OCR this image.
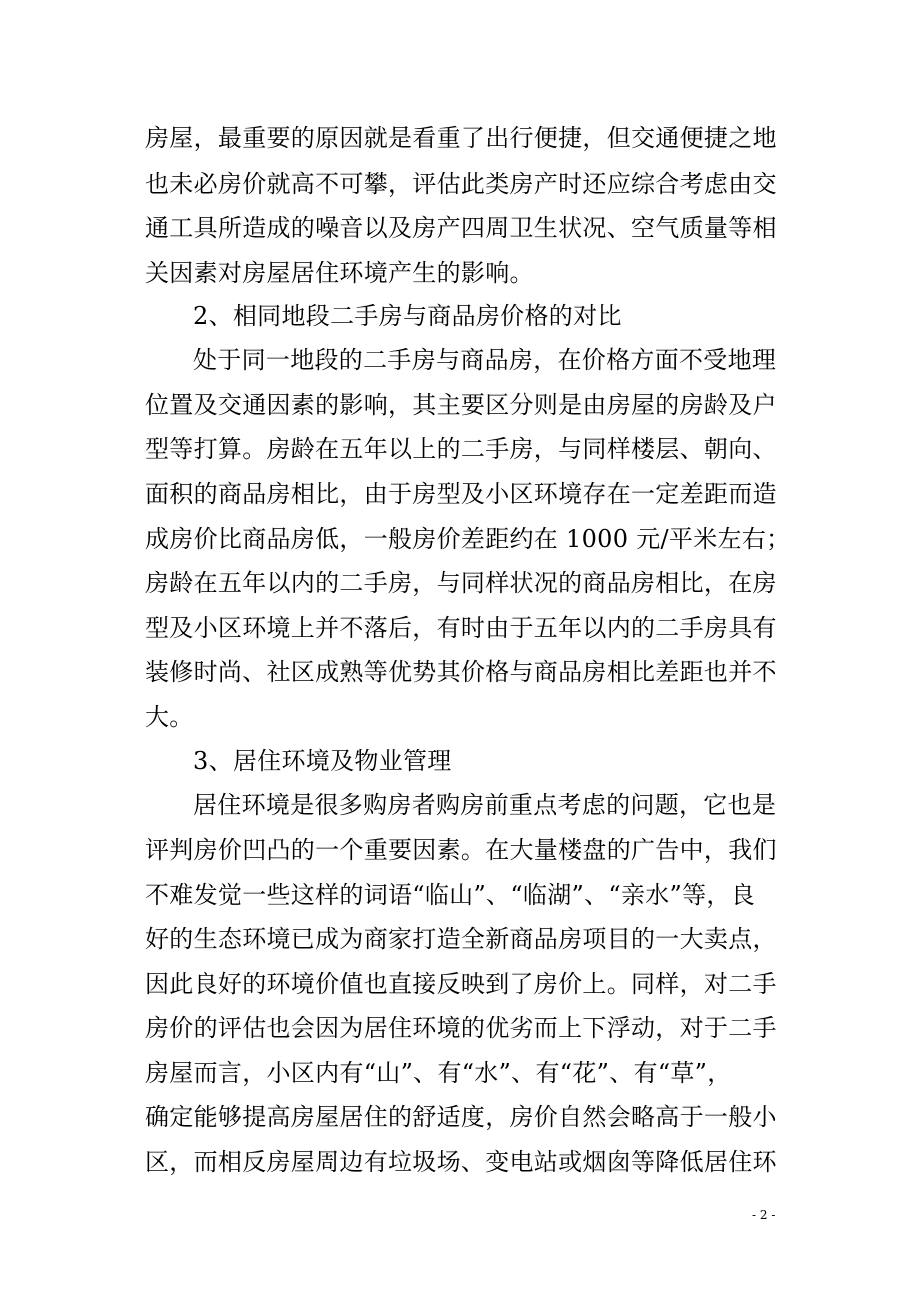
房屋，最重要的原因就是看重了出行便捷，但交通便捷之地
也未必房价就高不可攀，评估此类房产时还应综合考虑由交
通工具所造成的噪音以及房产四周卫生状况、空气质量等相
关因素对房屋居住环境产生的影响。
2、相同地段二手房与商品房价格的对比
处于同一地段的二手房与商品房，在价格方面不受地理
位置及交通因素的影响，其主要区分则是由房屋的房龄及户
型等打算。房龄在五年以上的二手房，与同样楼层、朝向、
面积的商品房相比，由于房型及小区环境存在一定差距而造
成房价比商品房低，一般房价差距约在 1000 元/平米左右；
房龄在五年以内的二手房，与同样状况的商品房相比，在房
型及小区环境上并不落后，有时由于五年以内的二手房具有
装修时尚、社区成熟等优势其价格与商品房相比差距也并不
大。
3、居住环境及物业管理
居住环境是很多购房者购房前重点考虑的问题，它也是
评判房价凹凸的一个重要因素。在大量楼盘的广告中，我们
不难发觉一些这样的词语“临山”、“临湖”、“亲水”等，良
好的生态环境已成为商家打造全新商品房项目的一大卖点，
因此良好的环境价值也直接反映到了房价上。同样，对二手
房价的评估也会因为居住环境的优劣而上下浮动，对于二手
房屋而言，小区内有“山”、有“水”、有“花”、有“草”，
确定能够提高房屋居住的舒适度，房价自然会略高于一般小
区，而相反房屋周边有垃圾场、变电站或烟囱等降低居住环
- 2 -
